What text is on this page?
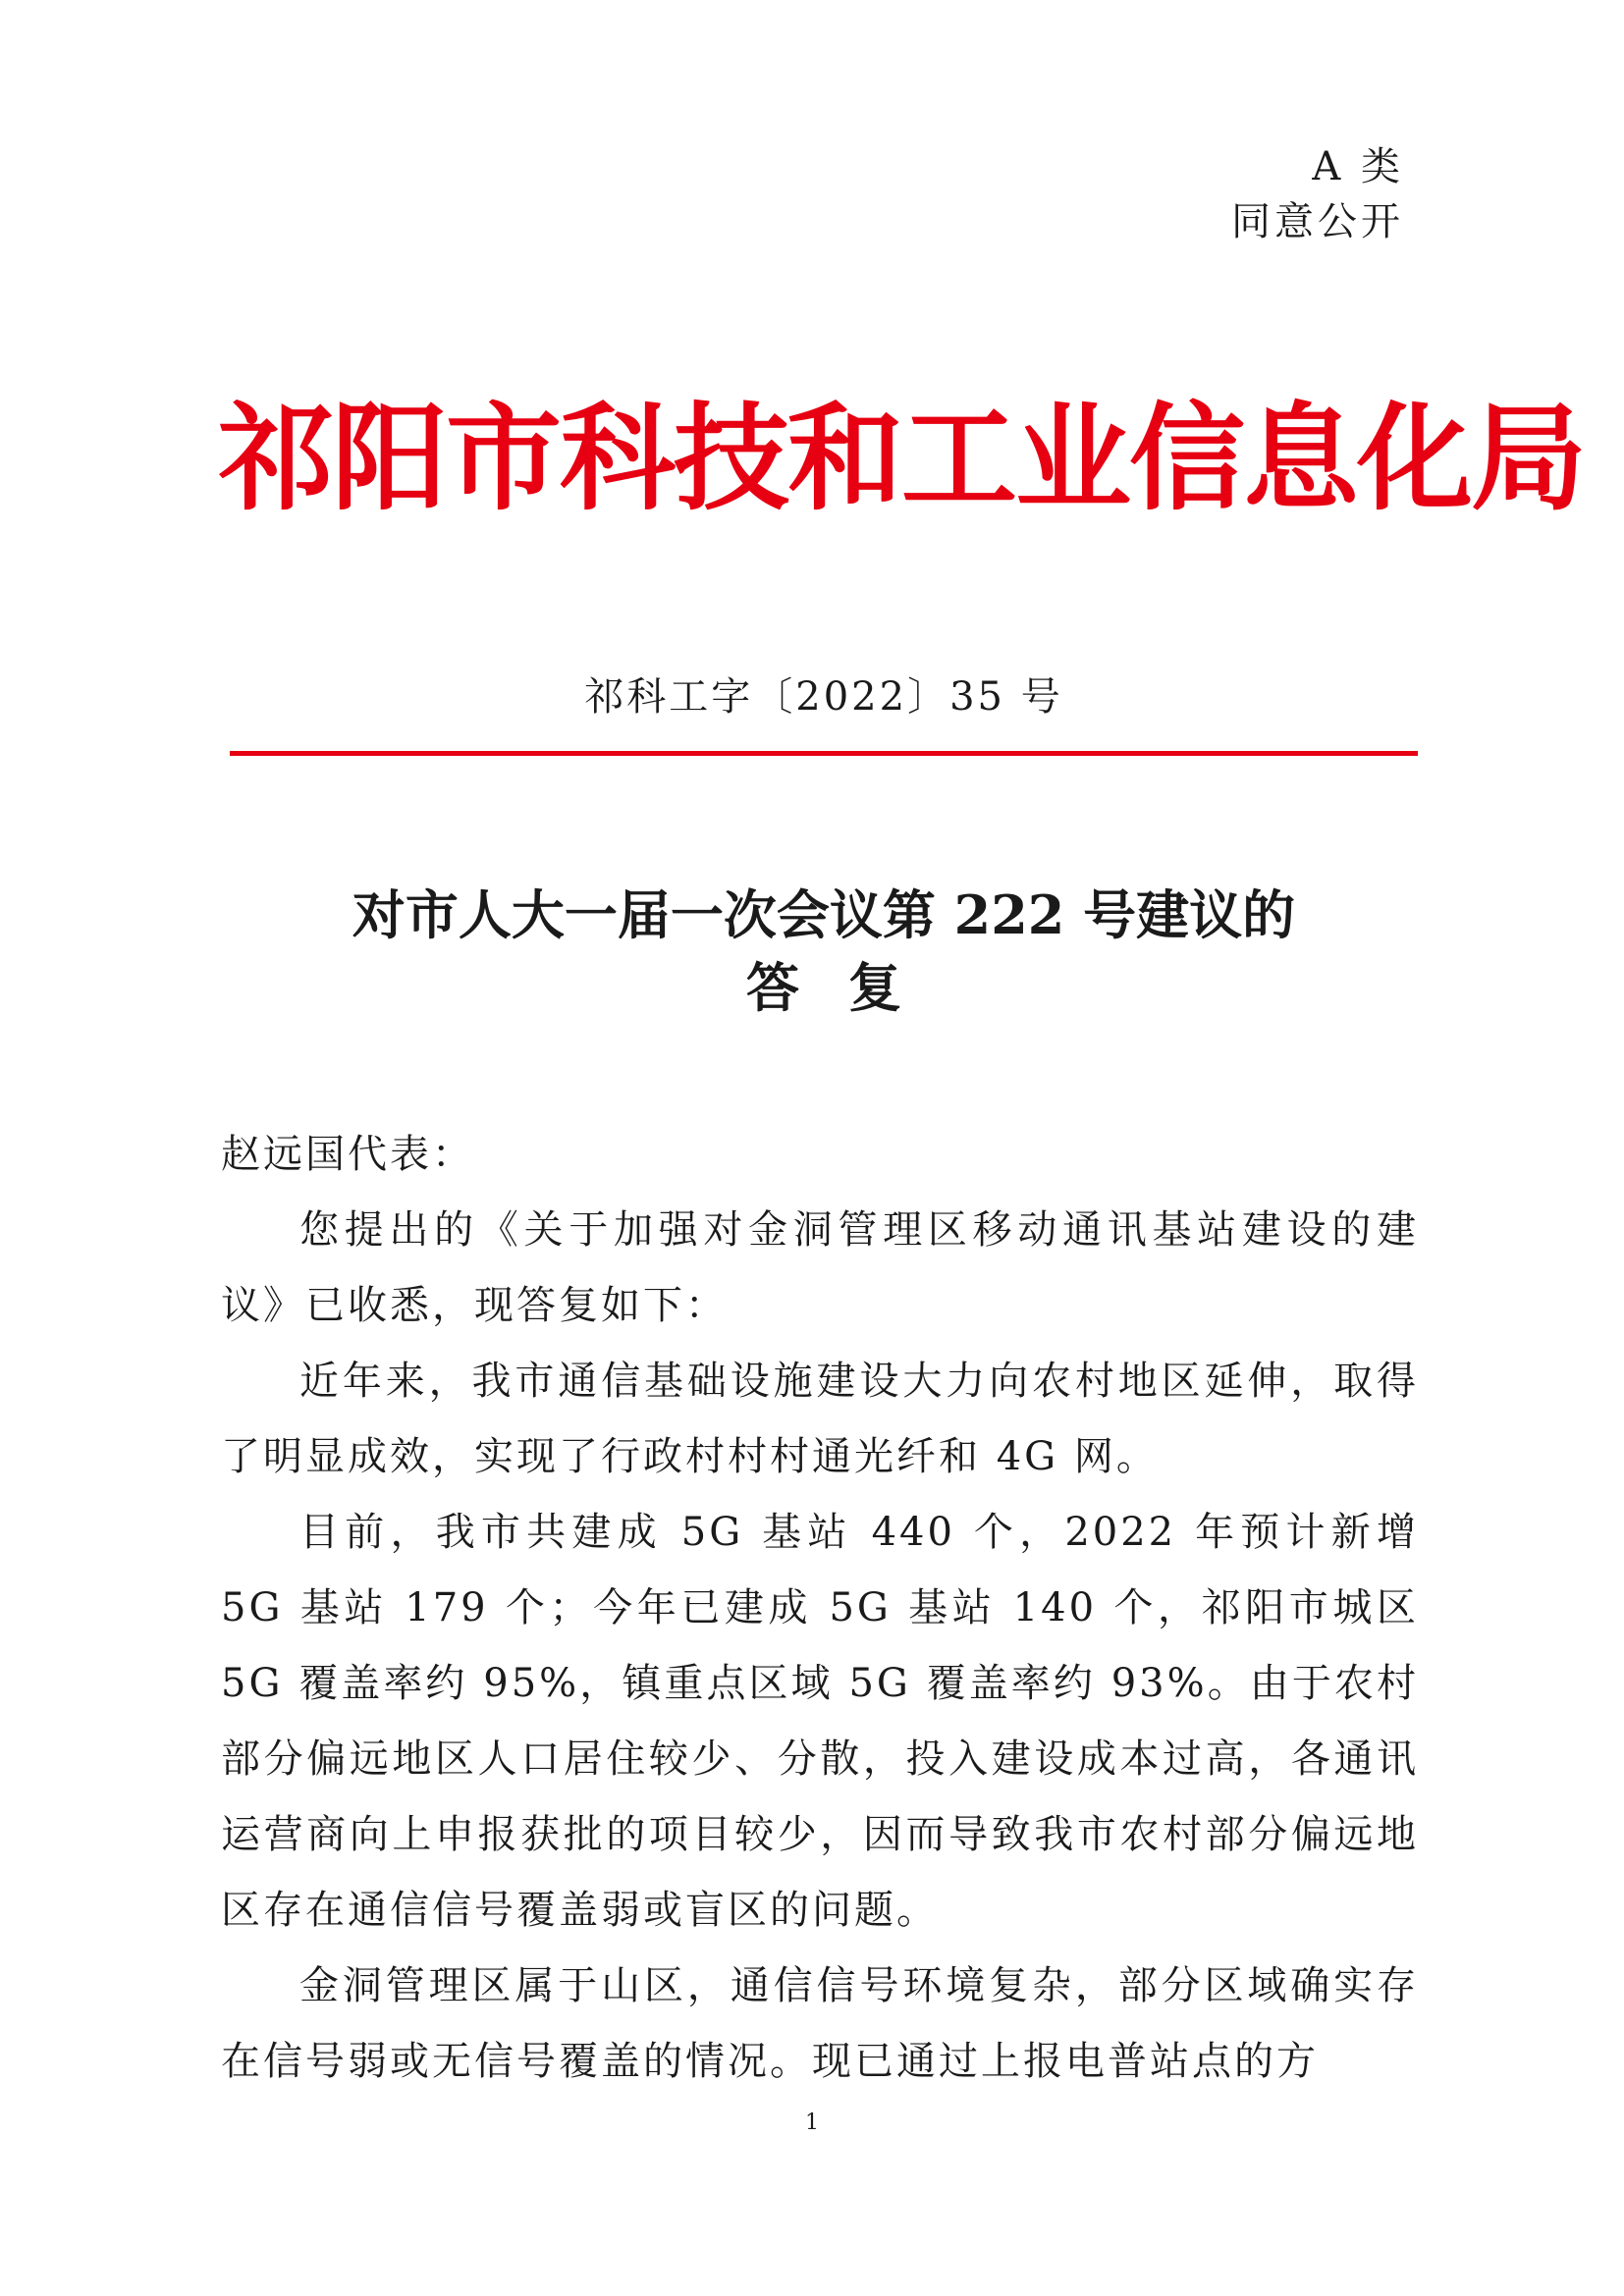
A 类
同意公开
祁阳市科技和工业信息化局
祁科工字〔2022〕35 号
对市人大一届一次会议第 222 号建议的
答复

赵远国代表：

您提出的《关于加强对金洞管理区移动通讯基站建设的建议》已收悉，现答复如下：

近年来，我市通信基础设施建设大力向农村地区延伸，取得了明显成效，实现了行政村村村通光纤和 4G 网。

目前，我市共建成 5G 基站 440 个，2022 年预计新增 5G 基站 179 个；今年已建成 5G 基站 140 个，祁阳市城区 5G 覆盖率约 95%，镇重点区域 5G 覆盖率约 93%。由于农村部分偏远地区人口居住较少、分散，投入建设成本过高，各通讯运营商向上申报获批的项目较少，因而导致我市农村部分偏远地区存在通信信号覆盖弱或盲区的问题。

金洞管理区属于山区，通信信号环境复杂，部分区域确实存在信号弱或无信号覆盖的情况。现已通过上报电普站点的方

1
